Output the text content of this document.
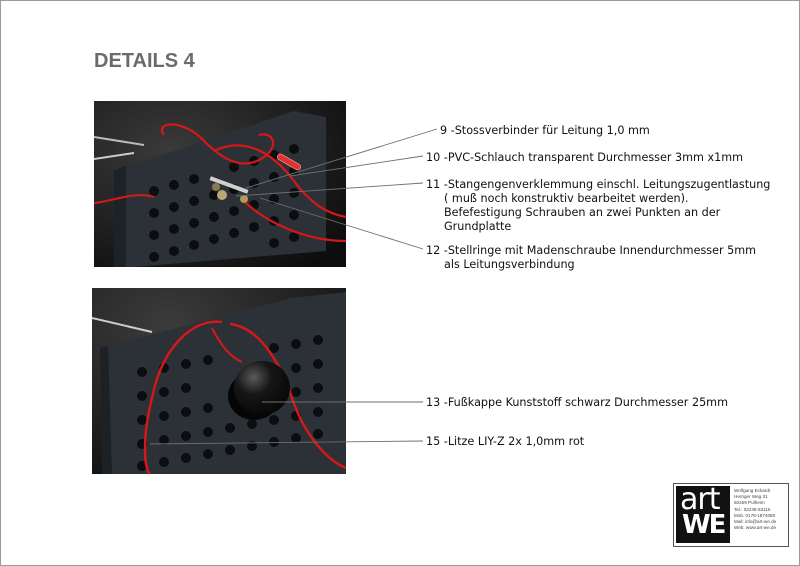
DETAILS 4
9 -Stossverbinder für Leitung 1,0 mm
10 -PVC-Schlauch transparent Durchmesser 3mm x1mm
11 -Stangengenverklemmung einschl. Leitungszugentlastung
( muß noch konstruktiv bearbeitet werden).
Befefestigung Schrauben an zwei Punkten an der
Grundplatte
12 -Stellringe mit Madenschraube Innendurchmesser 5mm
als Leitungsverbindung
13 -Fußkappe Kunststoff schwarz Durchmesser 25mm
15 -Litze LIY-Z 2x 1,0mm rot
art
WE
Wolfgang Eckardt
Herriger Weg 31
50259 Pulheim
Tel.: 02238-53115
Mob. 0178-1874080
Mail: info@art-we.de
Web: www.art-we.de
